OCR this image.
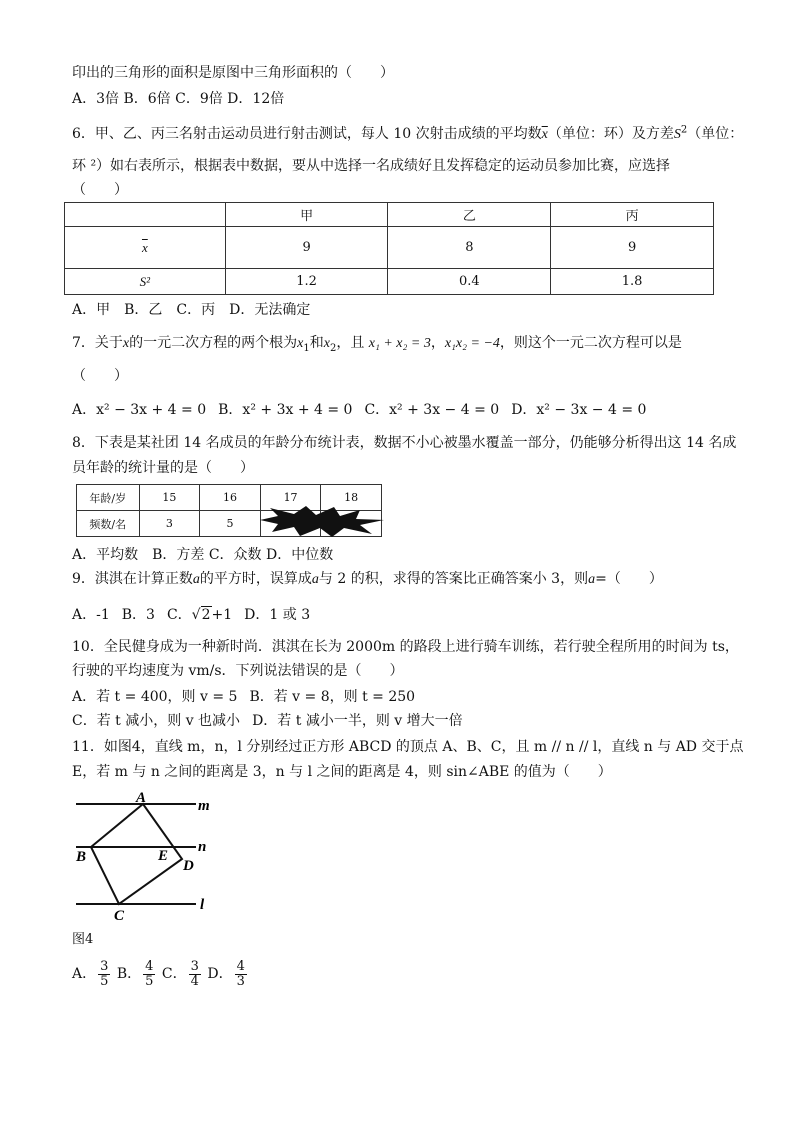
印出的三角形的面积是原图中三角形面积的（　　）
A．3倍 B．6倍 C．9倍 D．12倍
6．甲、乙、丙三名射击运动员进行射击测试，每人 10 次射击成绩的平均数$\overline{x}$（单位：环）及方差$S^2$（单位：
环 ²）如右表所示，根据表中数据，要从中选择一名成绩好且发挥稳定的运动员参加比赛，应选择
（　　）
	甲	乙	丙
$\overline{x}$	9	8	9
S²	1.2	0.4	1.8
A．甲　B．乙　C．丙　D．无法确定
7．关于x的一元二次方程的两个根为$x_1$和$x_2$，且 x₁ + x₂ = 3，x₁x₂ = −4，则这个一元二次方程可以是
（　　）
A．x² − 3x + 4 = 0 B．x² + 3x + 4 = 0 C．x² + 3x − 4 = 0 D．x² − 3x − 4 = 0
8．下表是某社团 14 名成员的年龄分布统计表，数据不小心被墨水覆盖一部分，仍能够分析得出这 14 名成
员年龄的统计量的是（　　）
年龄/岁	15	16	17	18
频数/名	3	5		
A．平均数　B．方差 C．众数 D．中位数
9．淇淇在计算正数a的平方时，误算成a与 2 的积，求得的答案比正确答案小 3，则a=（　　）
A．-1 B．3 C．√2+1 D．1 或 3
10．全民健身成为一种新时尚．淇淇在长为 2000m 的路段上进行骑车训练，若行驶全程所用的时间为 ts，
行驶的平均速度为 vm/s．下列说法错误的是（　　）
A．若 t = 400，则 v = 5 B．若 v = 8，则 t = 250
C．若 t 减小，则 v 也减小 D．若 t 减小一半，则 v 增大一倍
11．如图4，直线 m，n，l 分别经过正方形 ABCD 的顶点 A、B、C，且 m // n // l，直线 n 与 AD 交于点
E，若 m 与 n 之间的距离是 3，n 与 l 之间的距离是 4，则 sin∠ABE 的值为（　　）
A
B
C
D
E
m
n
l
图4
A． $\frac{3}{5}$ B． $\frac{4}{5}$ C． $\frac{3}{4}$ D． $\frac{4}{3}$
